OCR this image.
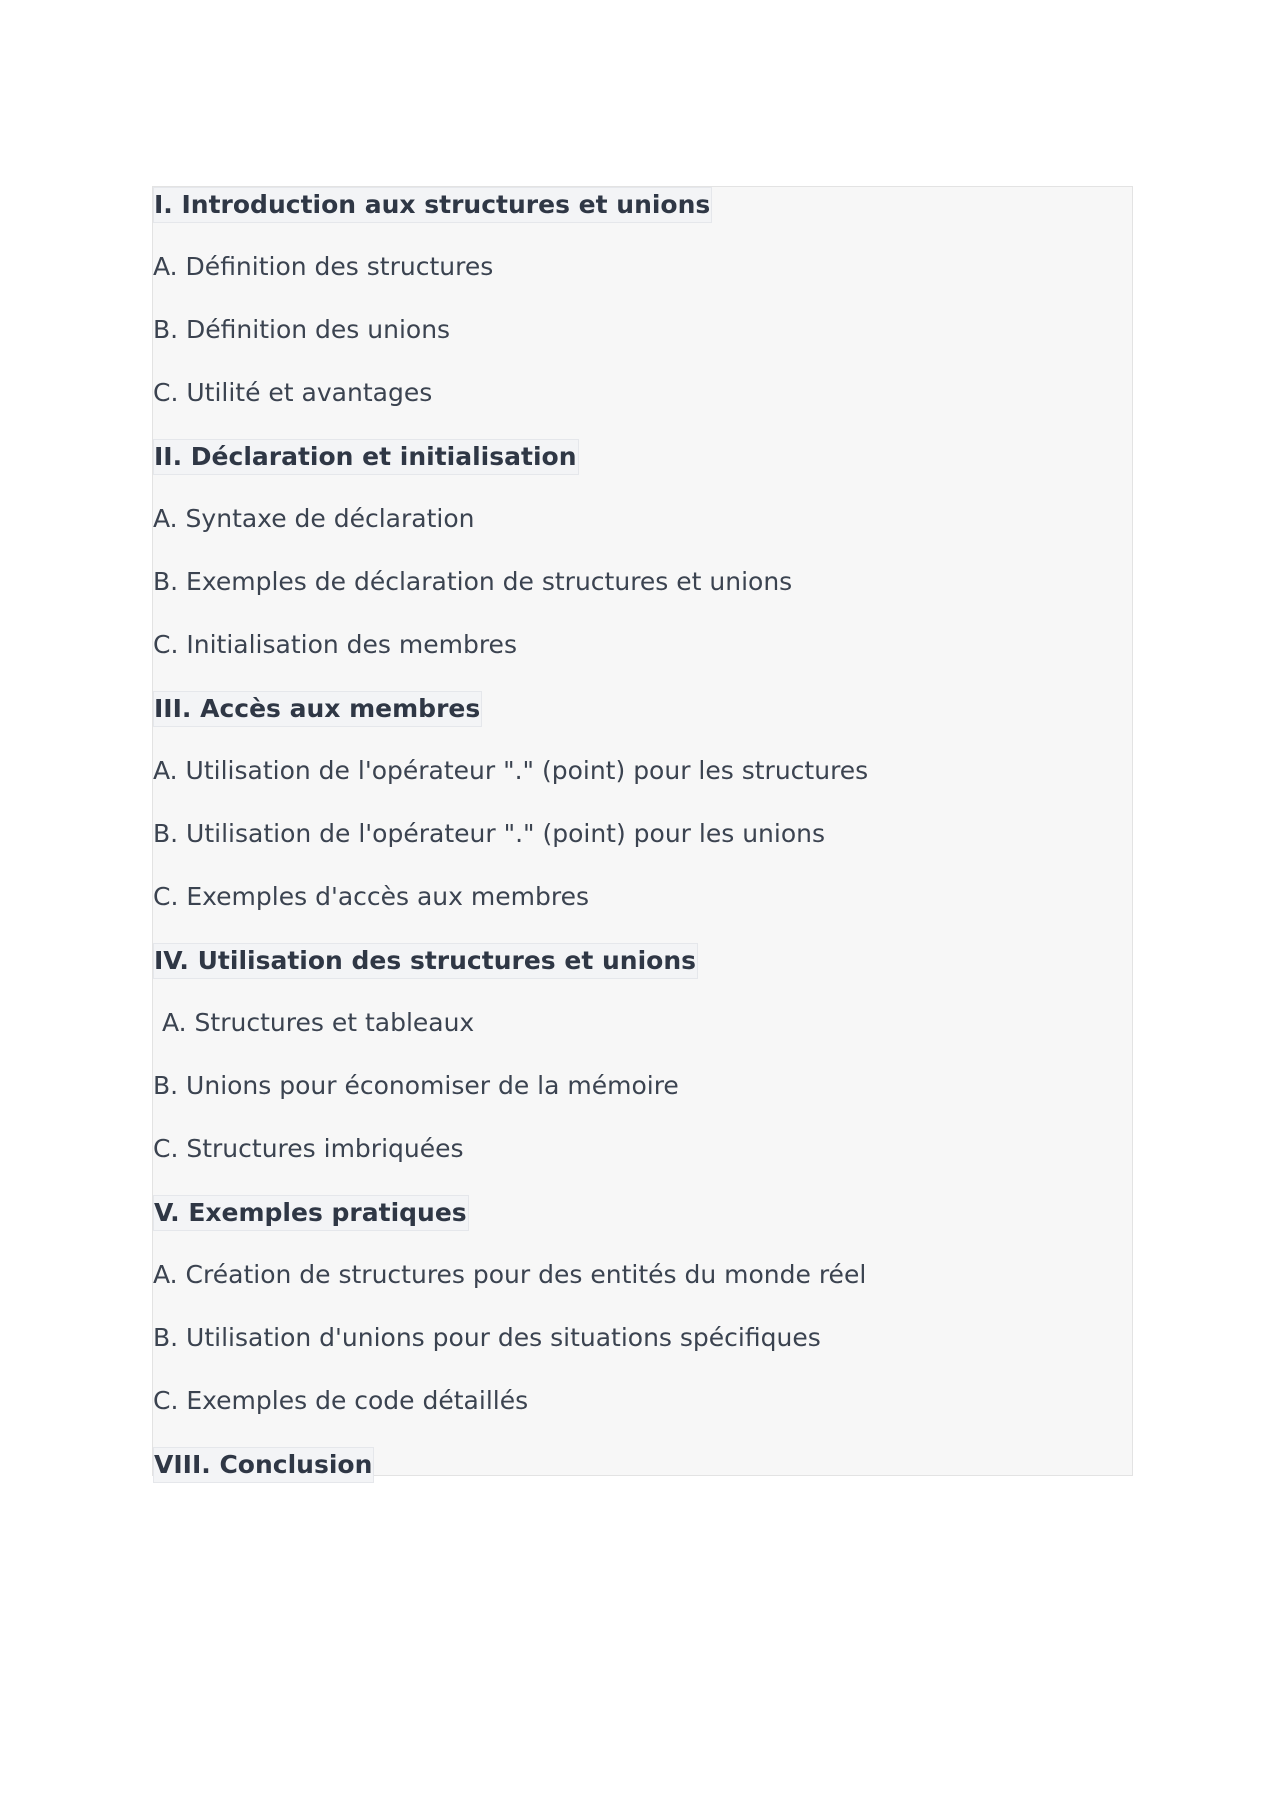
I. Introduction aux structures et unions
A. Définition des structures
B. Définition des unions
C. Utilité et avantages
II. Déclaration et initialisation
A. Syntaxe de déclaration
B. Exemples de déclaration de structures et unions
C. Initialisation des membres
III. Accès aux membres
A. Utilisation de l'opérateur "." (point) pour les structures
B. Utilisation de l'opérateur "." (point) pour les unions
C. Exemples d'accès aux membres
IV. Utilisation des structures et unions
A. Structures et tableaux
B. Unions pour économiser de la mémoire
C. Structures imbriquées
V. Exemples pratiques
A. Création de structures pour des entités du monde réel
B. Utilisation d'unions pour des situations spécifiques
C. Exemples de code détaillés
VIII. Conclusion
